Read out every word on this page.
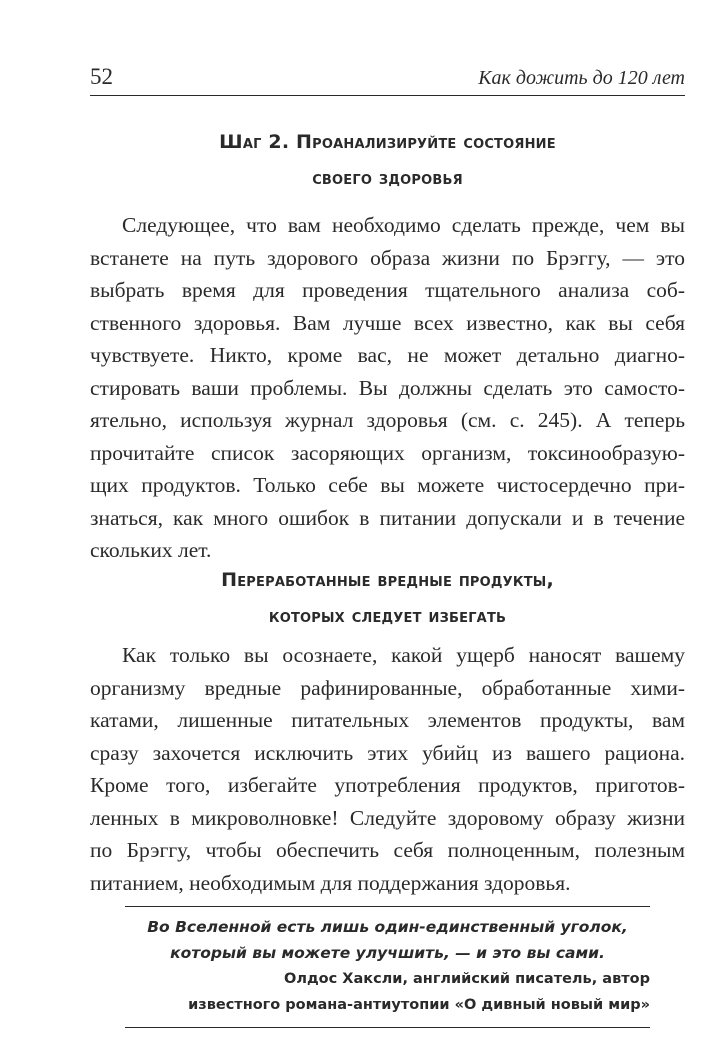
52	Как дожить до 120 лет
Шаг 2. Проанализируйте состояние
своего здоровья
Следующее, что вам необходимо сделать прежде, чем вы
встанете на путь здорового образа жизни по Брэггу, — это
выбрать время для проведения тщательного анализа соб-
ственного здоровья. Вам лучше всех известно, как вы себя
чувствуете. Никто, кроме вас, не может детально диагно-
стировать ваши проблемы. Вы должны сделать это самосто-
ятельно, используя журнал здоровья (см. с. 245). А теперь
прочитайте список засоряющих организм, токсинообразую-
щих продуктов. Только себе вы можете чистосердечно при-
знаться, как много ошибок в питании допускали и в течение
скольких лет.
Переработанные вредные продукты,
которых следует избегать
Как только вы осознаете, какой ущерб наносят вашему
организму вредные рафинированные, обработанные хими-
катами, лишенные питательных элементов продукты, вам
сразу захочется исключить этих убийц из вашего рациона.
Кроме того, избегайте употребления продуктов, приготов-
ленных в микроволновке! Следуйте здоровому образу жизни
по Брэггу, чтобы обеспечить себя полноценным, полезным
питанием, необходимым для поддержания здоровья.
Во Вселенной есть лишь один-единственный уголок,
который вы можете улучшить, — и это вы сами.
Олдос Хаксли, английский писатель, автор
известного романа-антиутопии «О дивный новый мир»
